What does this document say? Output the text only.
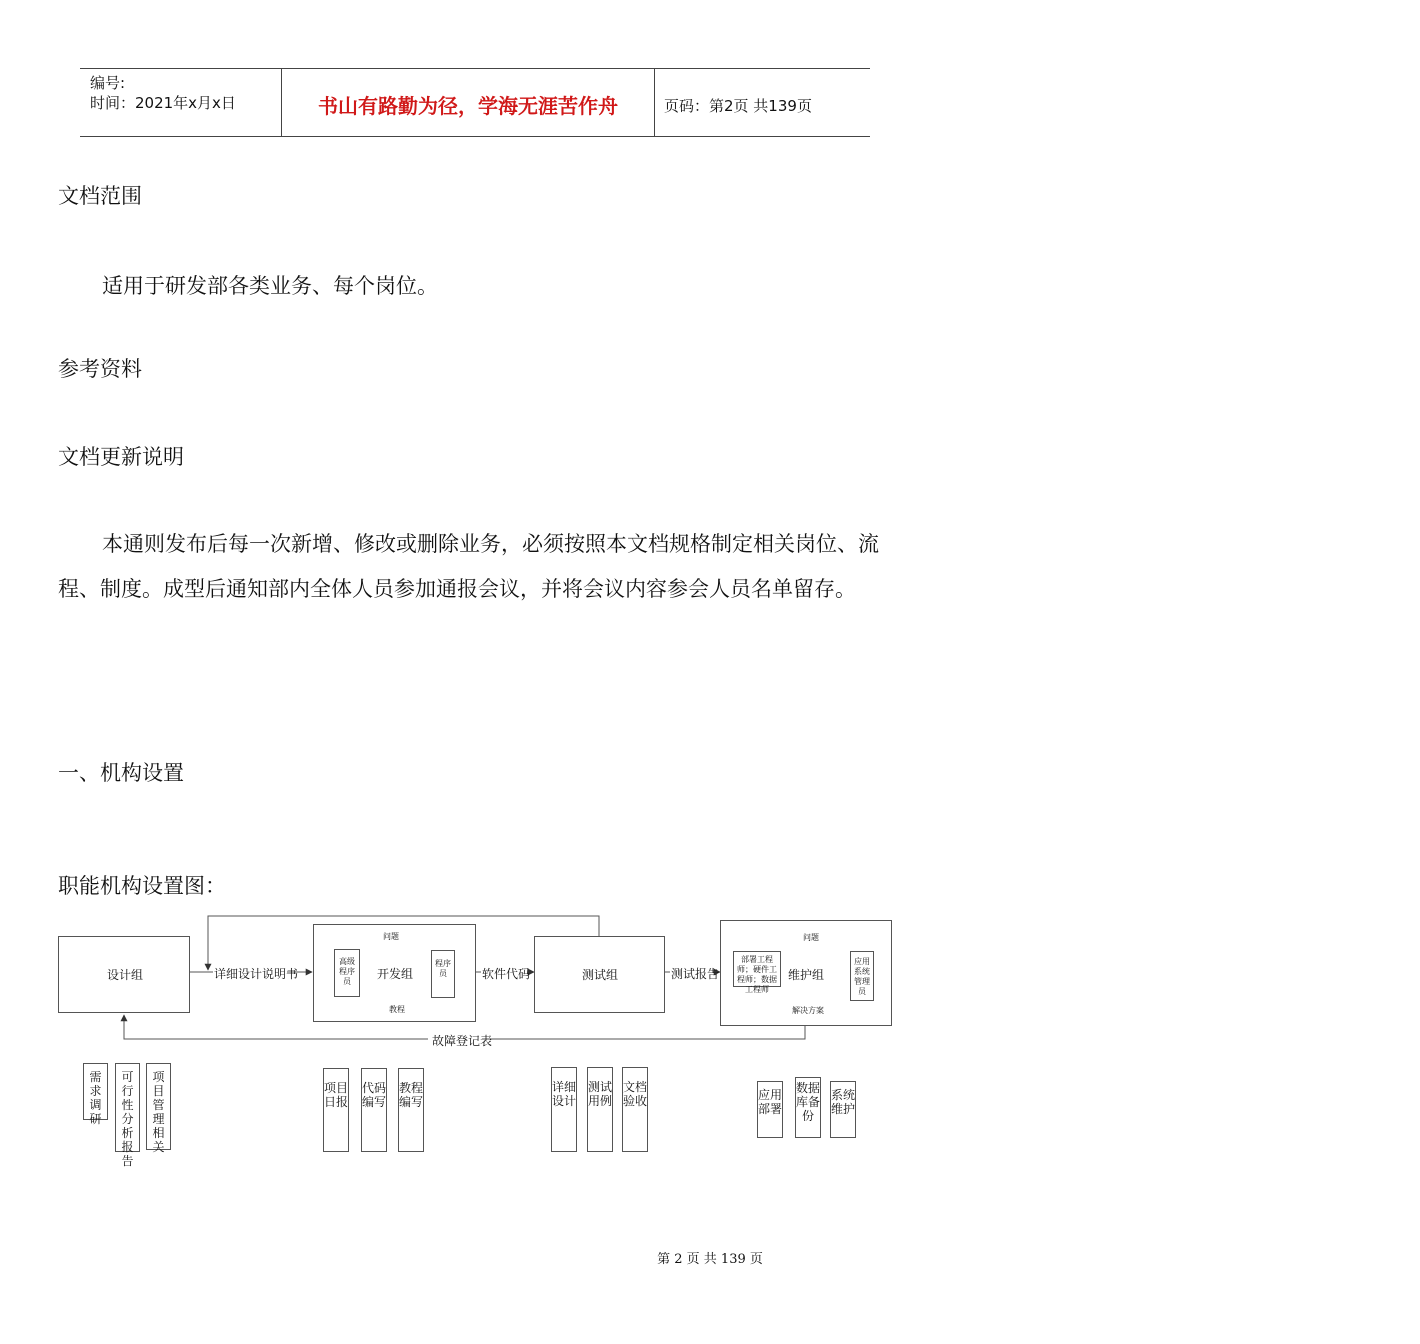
编号:
时间：2021年x月x日	书山有路勤为径，学海无涯苦作舟	页码：第2页 共139页
文档范围
适用于研发部各类业务、每个岗位。
参考资料
文档更新说明
本通则发布后每一次新增、修改或删除业务，必须按照本文档规格制定相关岗位、流程、制度。成型后通知部内全体人员参加通报会议，并将会议内容参会人员名单留存。
一、机构设置
职能机构设置图：
设计组	开发组	测试组	维护组
高级程序员
程序员
部署工程师；硬件工程师；数据工程师
应用系统管理员
问题
教程
问题
解决方案
详细设计说明书	软件代码	测试报告
故障登记表
需求调研
可行性分析报告
项目管理相关
项目日报
代码编写
教程编写
详细设计
测试用例
文档验收	应用部署
数据库备份
系统维护
第 2 页 共 139 页
